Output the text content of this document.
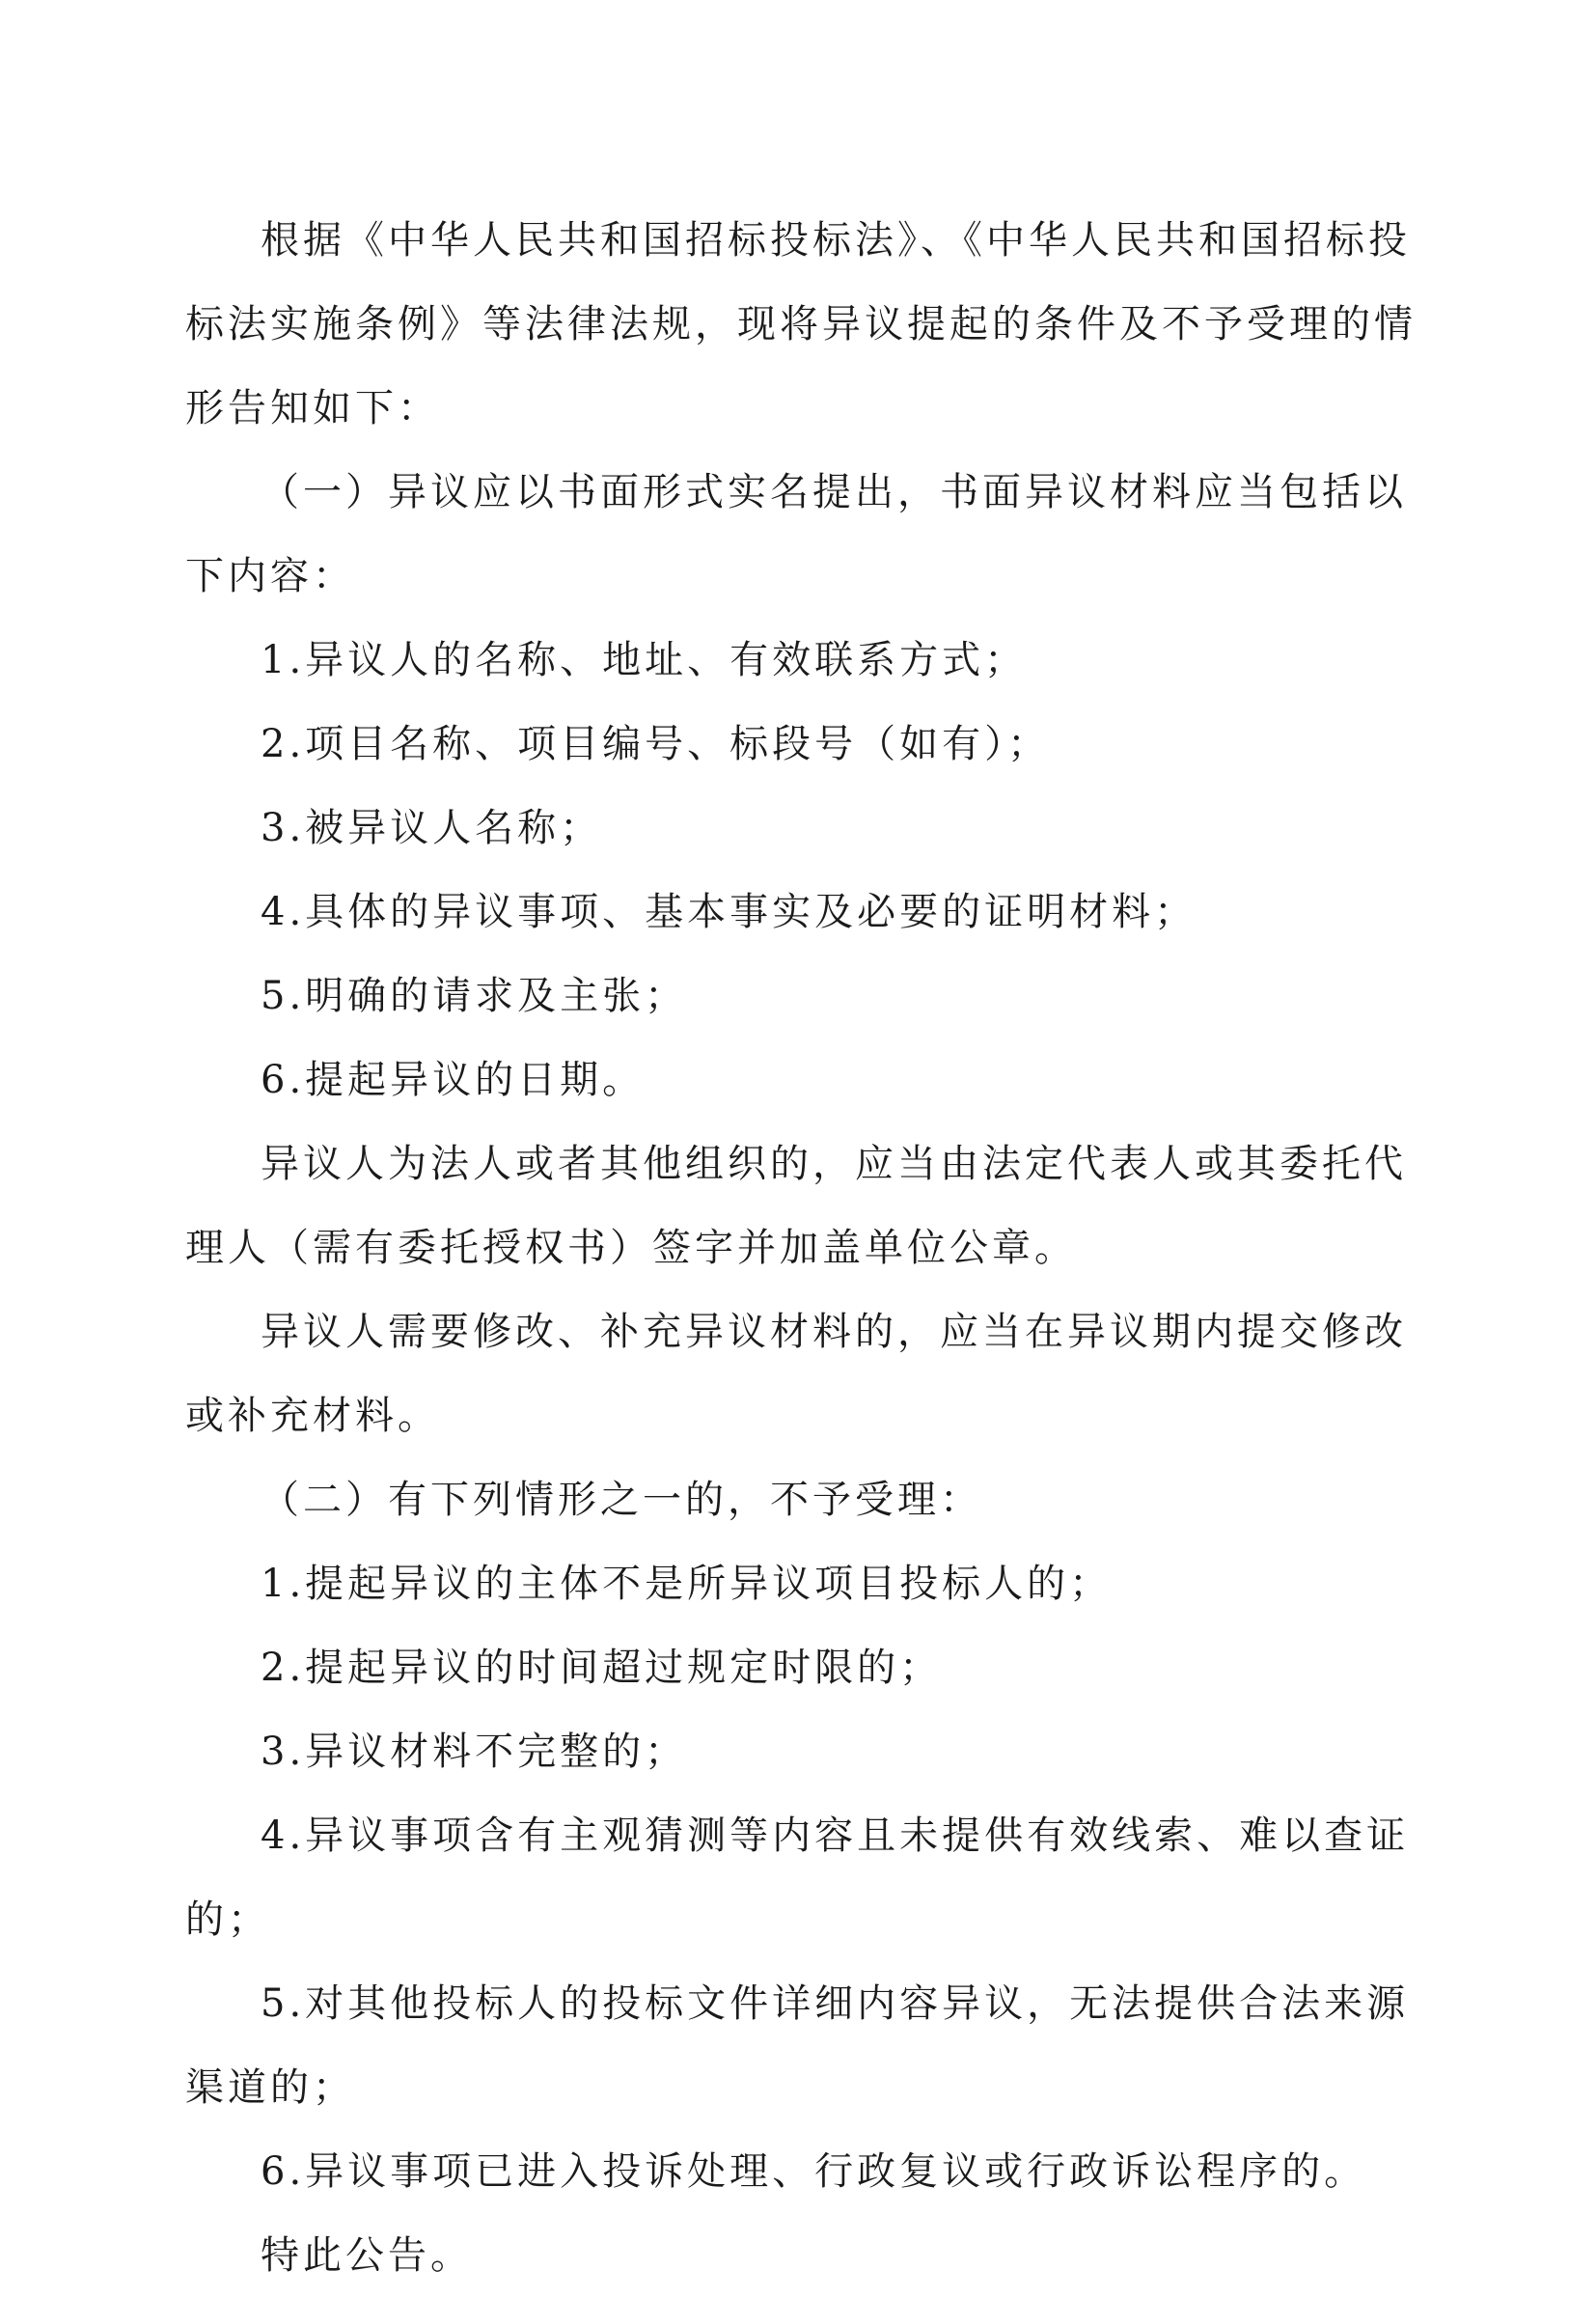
根据《中华人民共和国招标投标法》、《中华人民共和国招标投标法实施条例》等法律法规，现将异议提起的条件及不予受理的情形告知如下：

（一）异议应以书面形式实名提出，书面异议材料应当包括以下内容：

1.异议人的名称、地址、有效联系方式；

2.项目名称、项目编号、标段号（如有）；

3.被异议人名称；

4.具体的异议事项、基本事实及必要的证明材料；

5.明确的请求及主张；

6.提起异议的日期。

异议人为法人或者其他组织的，应当由法定代表人或其委托代理人（需有委托授权书）签字并加盖单位公章。

异议人需要修改、补充异议材料的，应当在异议期内提交修改或补充材料。

（二）有下列情形之一的，不予受理：

1.提起异议的主体不是所异议项目投标人的；

2.提起异议的时间超过规定时限的；

3.异议材料不完整的；

4.异议事项含有主观猜测等内容且未提供有效线索、难以查证的；

5.对其他投标人的投标文件详细内容异议，无法提供合法来源渠道的；

6.异议事项已进入投诉处理、行政复议或行政诉讼程序的。

特此公告。
